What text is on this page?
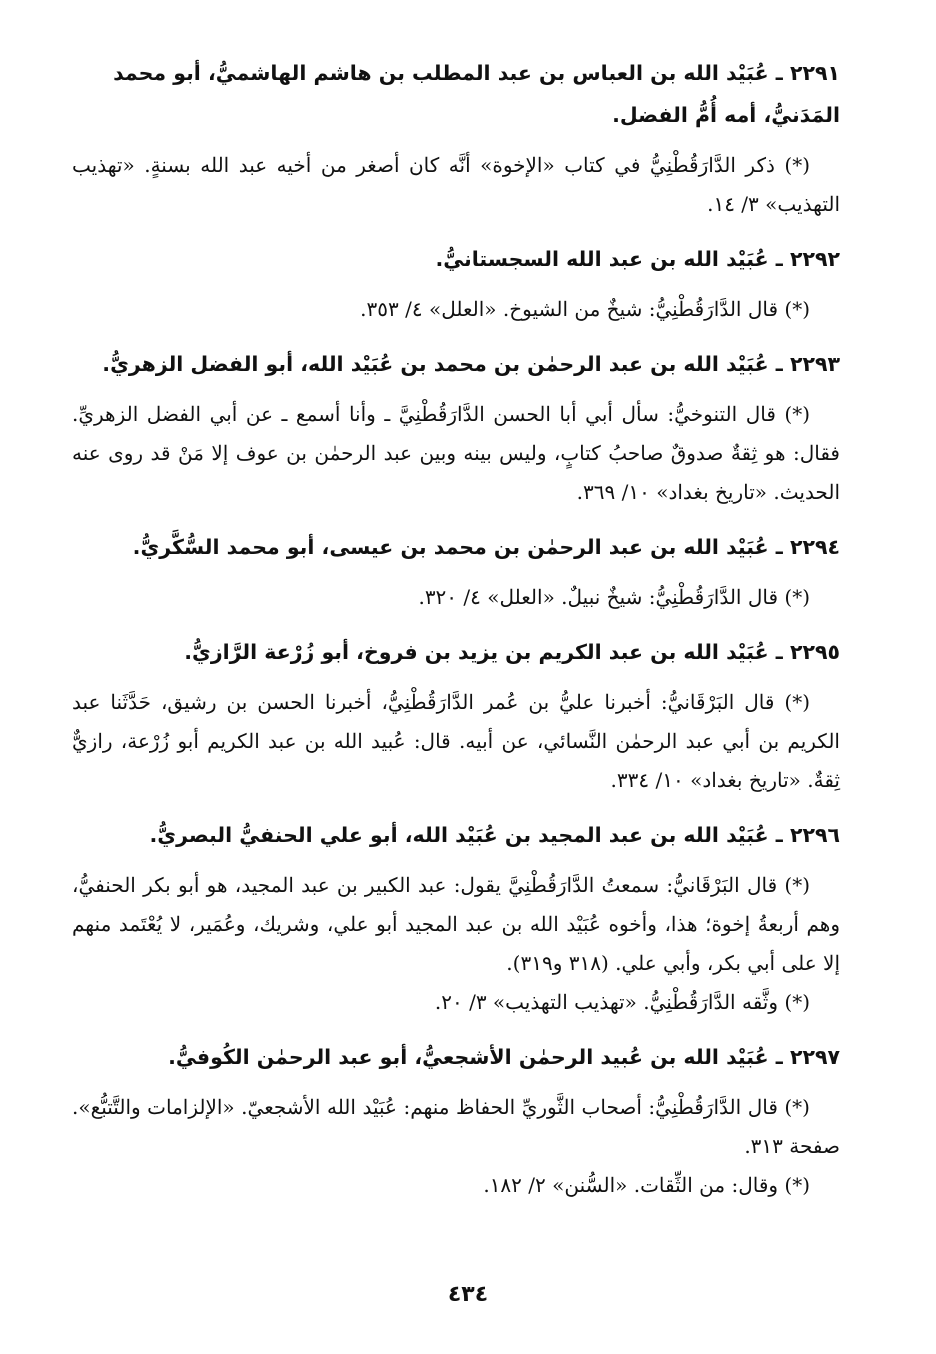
٢٢٩١ ـ عُبَيْد الله بن العباس بن عبد المطلب بن هاشم الهاشميُّ، أبو محمد المَدَنيُّ، أمه أُمُّ الفضل.

(*) ذكر الدَّارَقُطْنِيُّ في كتاب «الإخوة» أنَّه كان أصغر من أخيه عبد الله بسنةٍ. «تهذيب التهذيب» ٣/ ١٤.

٢٢٩٢ ـ عُبَيْد الله بن عبد الله السجستانيُّ.

(*) قال الدَّارَقُطْنِيُّ: شيخٌ من الشيوخ. «العلل» ٤/ ٣٥٣.

٢٢٩٣ ـ عُبَيْد الله بن عبد الرحمٰن بن محمد بن عُبَيْد الله، أبو الفضل الزهريُّ.

(*) قال التنوخيُّ: سأل أبي أبا الحسن الدَّارَقُطْنِيَّ ـ وأنا أسمع ـ عن أبي الفضل الزهريِّ. فقال: هو ثِقةٌ صدوقٌ صاحبُ كتابٍ، وليس بينه وبين عبد الرحمٰن بن عوف إلا مَنْ قد روى عنه الحديث. «تاريخ بغداد» ١٠/ ٣٦٩.

٢٢٩٤ ـ عُبَيْد الله بن عبد الرحمٰن بن محمد بن عيسى، أبو محمد السُّكَّريُّ.

(*) قال الدَّارَقُطْنِيُّ: شيخٌ نبيلٌ. «العلل» ٤/ ٣٢٠.

٢٢٩٥ ـ عُبَيْد الله بن عبد الكريم بن يزيد بن فروخ، أبو زُرْعة الرَّازيُّ.

(*) قال البَرْقَانيُّ: أخبرنا عليُّ بن عُمر الدَّارَقُطْنِيُّ، أخبرنا الحسن بن رشيق، حَدَّثَنا عبد الكريم بن أبي عبد الرحمٰن النَّسائي، عن أبيه. قال: عُبيد الله بن عبد الكريم أبو زُرْعة، رازيٌّ ثِقةٌ. «تاريخ بغداد» ١٠/ ٣٣٤.

٢٢٩٦ ـ عُبَيْد الله بن عبد المجيد بن عُبَيْد الله، أبو علي الحنفيُّ البصريُّ.

(*) قال البَرْقَانيُّ: سمعتُ الدَّارَقُطْنِيَّ يقول: عبد الكبير بن عبد المجيد، هو أبو بكر الحنفيُّ، وهم أربعةُ إخوة؛ هذا، وأخوه عُبَيْد الله بن عبد المجيد أبو علي، وشريك، وعُمَير، لا يُعْتَمد منهم إلا على أبي بكر، وأبي علي. (٣١٨ و٣١٩).

(*) وثَّقه الدَّارَقُطْنِيُّ. «تهذيب التهذيب» ٣/ ٢٠.

٢٢٩٧ ـ عُبَيْد الله بن عُبيد الرحمٰن الأشجعيُّ، أبو عبد الرحمٰن الكُوفيُّ.

(*) قال الدَّارَقُطْنِيُّ: أصحاب الثَّوريِّ الحفاظ منهم: عُبَيْد الله الأشجعيّ. «الإلزامات والتَّتبُّع». صفحة ٣١٣.

(*) وقال: من الثِّقات. «السُّنن» ٢/ ١٨٢.

٤٣٤
